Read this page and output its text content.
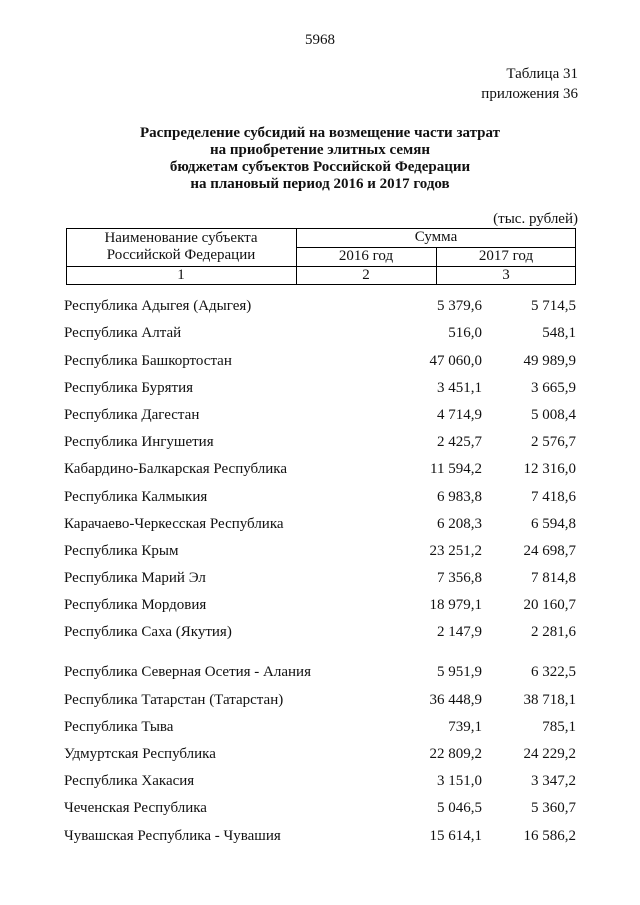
5968
Таблица 31
приложения 36
Распределение субсидий на возмещение части затрат
на приобретение элитных семян
бюджетам субъектов Российской Федерации
на плановый период 2016 и 2017 годов
(тыс. рублей)
Наименование субъекта
Российской Федерации
Сумма
2016 год	2017 год
1	2	3
Республика Адыгея (Адыгея)	5 379,6	5 714,5
Республика Алтай	516,0	548,1
Республика Башкортостан	47 060,0	49 989,9
Республика Бурятия	3 451,1	3 665,9
Республика Дагестан	4 714,9	5 008,4
Республика Ингушетия	2 425,7	2 576,7
Кабардино-Балкарская Республика	11 594,2	12 316,0
Республика Калмыкия	6 983,8	7 418,6
Карачаево-Черкесская Республика	6 208,3	6 594,8
Республика Крым	23 251,2	24 698,7
Республика Марий Эл	7 356,8	7 814,8
Республика Мордовия	18 979,1	20 160,7
Республика Саха (Якутия)	2 147,9	2 281,6
Республика Северная Осетия - Алания	5 951,9	6 322,5
Республика Татарстан (Татарстан)	36 448,9	38 718,1
Республика Тыва	739,1	785,1
Удмуртская Республика	22 809,2	24 229,2
Республика Хакасия	3 151,0	3 347,2
Чеченская Республика	5 046,5	5 360,7
Чувашская Республика - Чувашия	15 614,1	16 586,2
